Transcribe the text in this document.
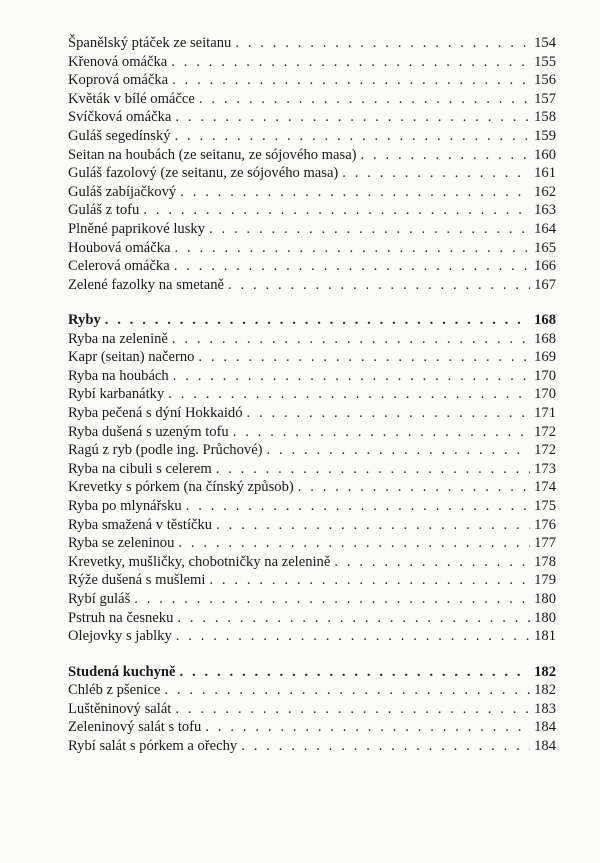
Španělský ptáček ze seitanu . . .	154
Křenová omáčka . . .	155
Koprová omáčka . . .	156
Květák v bílé omáčce . . .	157
Svíčková omáčka . . .	158
Guláš segedínský . . .	159
Seitan na houbách (ze seitanu, ze sójového masa) . . .	160
Guláš fazolový (ze seitanu, ze sójového masa) . . .	161
Guláš zabíjačkový . . .	162
Guláš z tofu . . .	163
Plněné paprikové lusky . . .	164
Houbová omáčka . . .	165
Celerová omáčka . . .	166
Zelené fazolky na smetaně . . .	167
Ryby . . .	168
Ryba na zelenině . . .	168
Kapr (seitan) načerno . . .	169
Ryba na houbách . . .	170
Rybí karbanátky . . .	170
Ryba pečená s dýní Hokkaidó . . .	171
Ryba dušená s uzeným tofu . . .	172
Ragú z ryb (podle ing. Průchové) . . .	172
Ryba na cibuli s celerem . . .	173
Krevetky s pórkem (na čínský způsob) . . .	174
Ryba po mlynářsku . . .	175
Ryba smažená v těstíčku . . .	176
Ryba se zeleninou . . .	177
Krevetky, mušličky, chobotničky na zelenině . . .	178
Rýže dušená s mušlemi . . .	179
Rybí guláš . . .	180
Pstruh na česneku . . .	180
Olejovky s jablky . . .	181
Studená kuchyně . . .	182
Chléb z pšenice . . .	182
Luštěninový salát . . .	183
Zeleninový salát s tofu . . .	184
Rybí salát s pórkem a ořechy . . .	184
